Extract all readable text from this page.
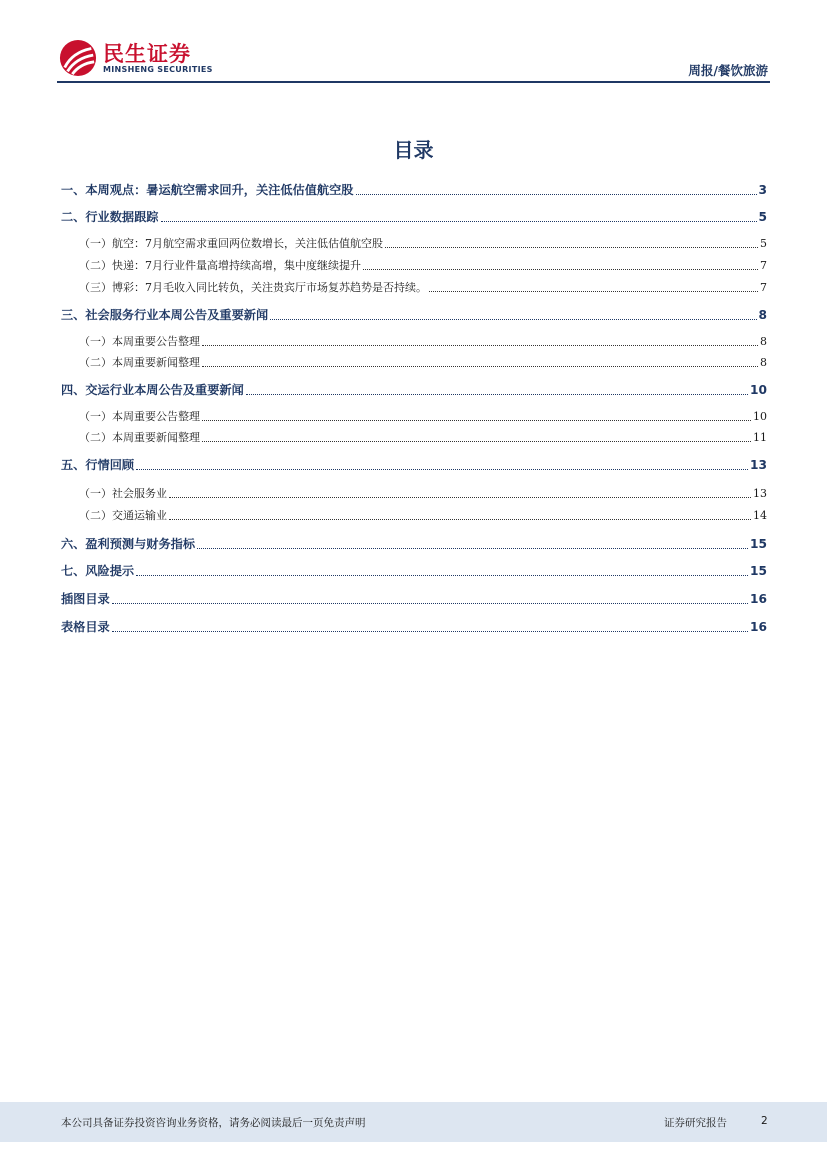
民生证券
MINSHENG SECURITIES	周报/餐饮旅游
目录
一、本周观点：暑运航空需求回升，关注低估值航空股	3
二、行业数据跟踪	5
（一）航空：7月航空需求重回两位数增长，关注低估值航空股	5
（二）快递：7月行业件量高增持续高增，集中度继续提升	7
（三）博彩：7月毛收入同比转负，关注贵宾厅市场复苏趋势是否持续。	7
三、社会服务行业本周公告及重要新闻	8
（一）本周重要公告整理	8
（二）本周重要新闻整理	8
四、交运行业本周公告及重要新闻	10
（一）本周重要公告整理	10
（二）本周重要新闻整理	11
五、行情回顾	13
（一）社会服务业	13
（二）交通运输业	14
六、盈利预测与财务指标	15
七、风险提示	15
插图目录	16
表格目录	16
本公司具备证券投资咨询业务资格，请务必阅读最后一页免责声明	证券研究报告	2
